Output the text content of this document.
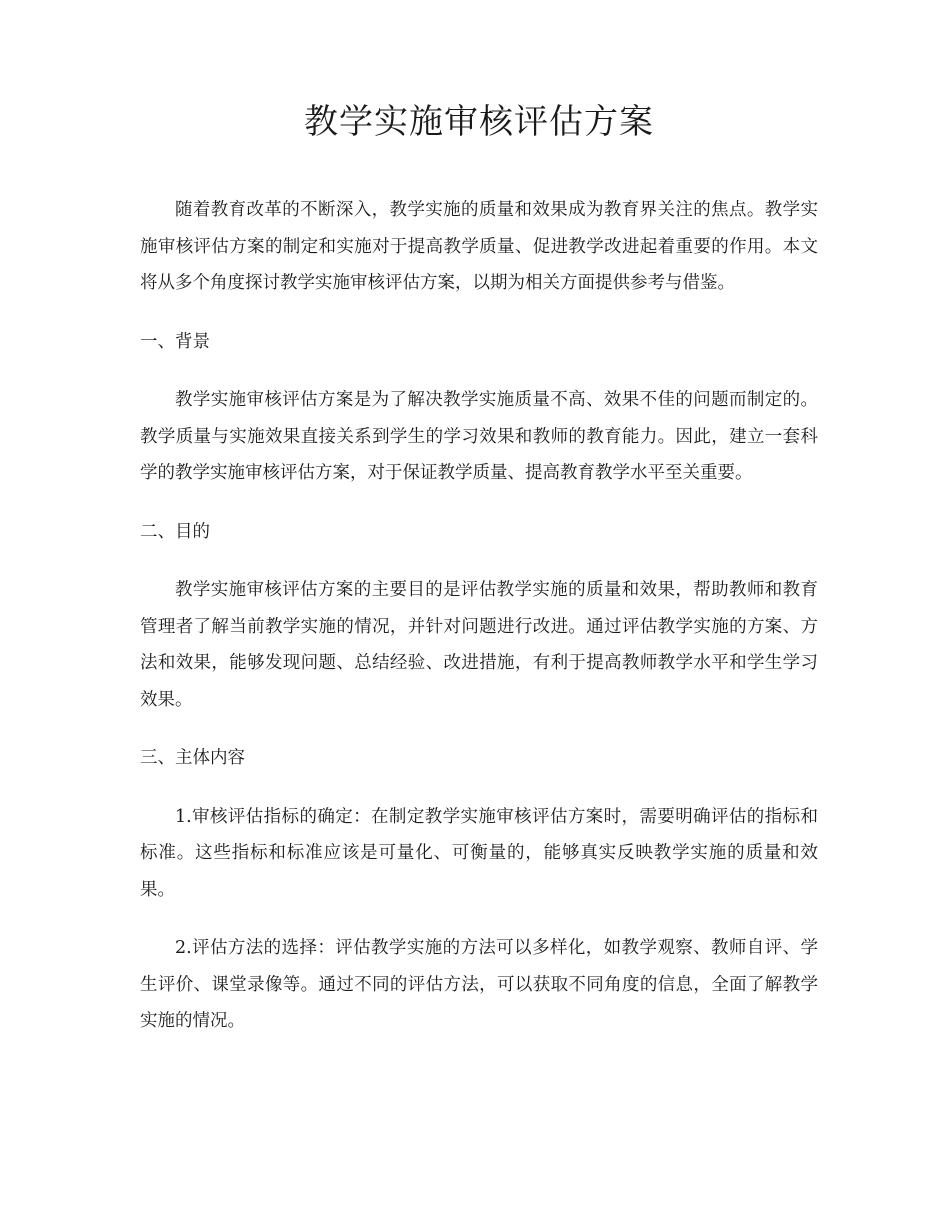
教学实施审核评估方案

随着教育改革的不断深入，教学实施的质量和效果成为教育界关注的焦点。教学实施审核评估方案的制定和实施对于提高教学质量、促进教学改进起着重要的作用。本文将从多个角度探讨教学实施审核评估方案，以期为相关方面提供参考与借鉴。

一、背景

教学实施审核评估方案是为了解决教学实施质量不高、效果不佳的问题而制定的。教学质量与实施效果直接关系到学生的学习效果和教师的教育能力。因此，建立一套科学的教学实施审核评估方案，对于保证教学质量、提高教育教学水平至关重要。

二、目的

教学实施审核评估方案的主要目的是评估教学实施的质量和效果，帮助教师和教育管理者了解当前教学实施的情况，并针对问题进行改进。通过评估教学实施的方案、方法和效果，能够发现问题、总结经验、改进措施，有利于提高教师教学水平和学生学习效果。

三、主体内容

1.审核评估指标的确定：在制定教学实施审核评估方案时，需要明确评估的指标和标准。这些指标和标准应该是可量化、可衡量的，能够真实反映教学实施的质量和效果。

2.评估方法的选择：评估教学实施的方法可以多样化，如教学观察、教师自评、学生评价、课堂录像等。通过不同的评估方法，可以获取不同角度的信息，全面了解教学实施的情况。
